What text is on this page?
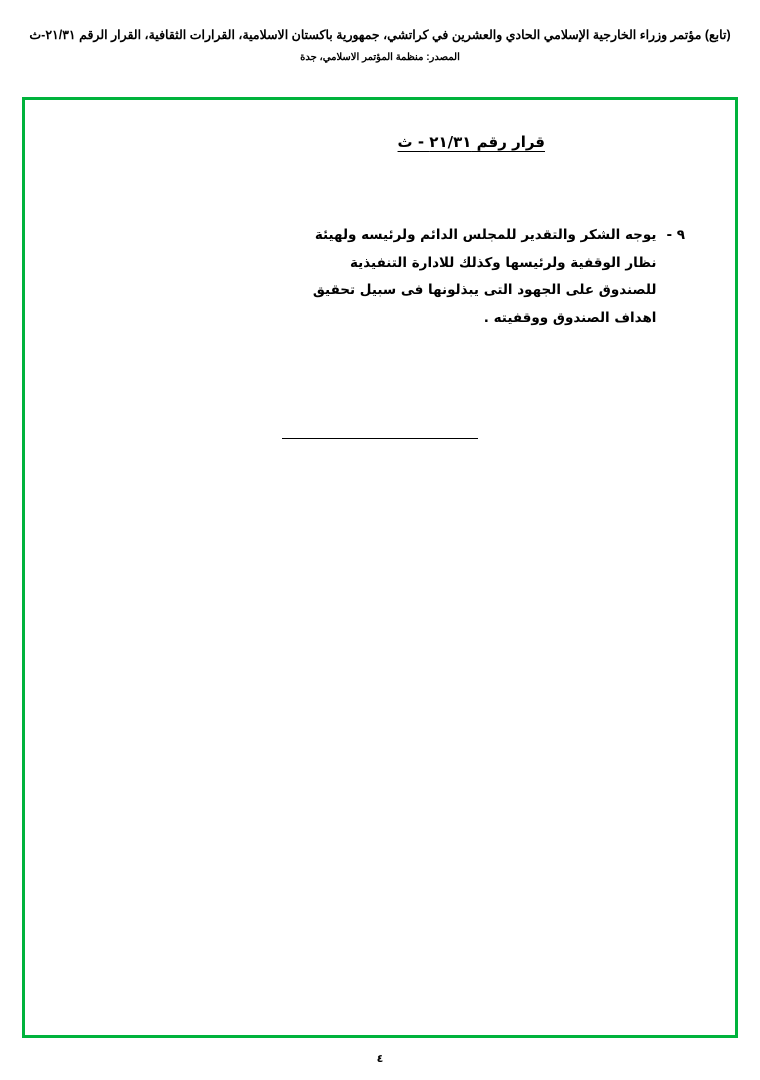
(تابع) مؤتمر وزراء الخارجية الإسلامي الحادي والعشرين في كراتشي، جمهورية باكستان الاسلامية، القرارات الثقافية، القرار الرقم ٢١/٣١-ث
المصدر: ‏منظمة المؤتمر الاسلامي، جدة‏
قرار رقم ٢١/٣١ - ث
٩ -

يوجه الشكر والتقدير للمجلس الدائم ولرئيسه ولهيئة

نظار الوقفية ولرئيسها وكذلك للادارة التنفيذية

للصندوق على الجهود التى يبذلونها فى سبيل تحقيق

اهداف الصندوق ووقفيته .

٤
